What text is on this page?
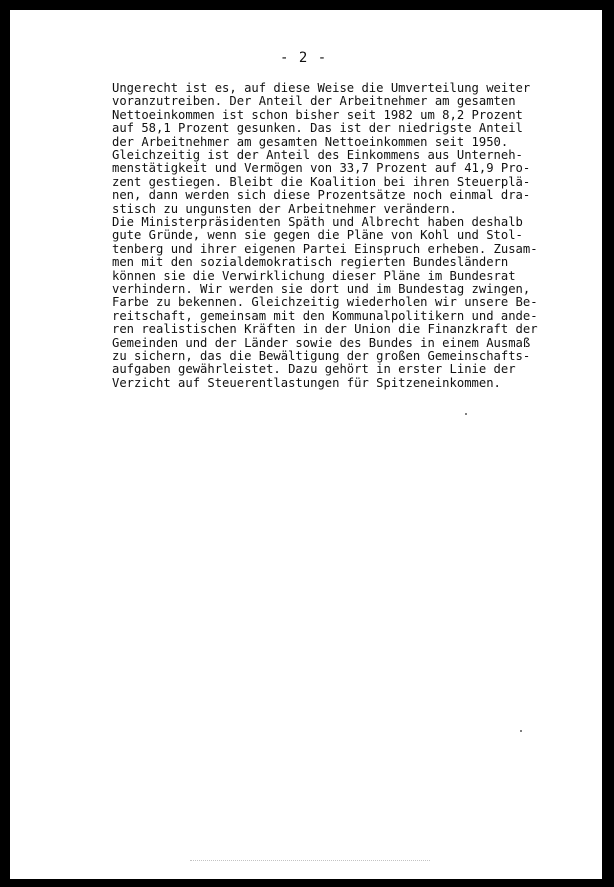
- 2 -
Ungerecht ist es, auf diese Weise die Umverteilung weiter
voranzutreiben. Der Anteil der Arbeitnehmer am gesamten
Nettoeinkommen ist schon bisher seit 1982 um 8,2 Prozent
auf 58,1 Prozent gesunken. Das ist der niedrigste Anteil
der Arbeitnehmer am gesamten Nettoeinkommen seit 1950.
Gleichzeitig ist der Anteil des Einkommens aus Unterneh-
menstätigkeit und Vermögen von 33,7 Prozent auf 41,9 Pro-
zent gestiegen. Bleibt die Koalition bei ihren Steuerplä-
nen, dann werden sich diese Prozentsätze noch einmal dra-
stisch zu ungunsten der Arbeitnehmer verändern.
Die Ministerpräsidenten Späth und Albrecht haben deshalb
gute Gründe, wenn sie gegen die Pläne von Kohl und Stol-
tenberg und ihrer eigenen Partei Einspruch erheben. Zusam-
men mit den sozialdemokratisch regierten Bundesländern
können sie die Verwirklichung dieser Pläne im Bundesrat
verhindern. Wir werden sie dort und im Bundestag zwingen,
Farbe zu bekennen. Gleichzeitig wiederholen wir unsere Be-
reitschaft, gemeinsam mit den Kommunalpolitikern und ande-
ren realistischen Kräften in der Union die Finanzkraft der
Gemeinden und der Länder sowie des Bundes in einem Ausmaß
zu sichern, das die Bewältigung der großen Gemeinschafts-
aufgaben gewährleistet. Dazu gehört in erster Linie der
Verzicht auf Steuerentlastungen für Spitzeneinkommen.
